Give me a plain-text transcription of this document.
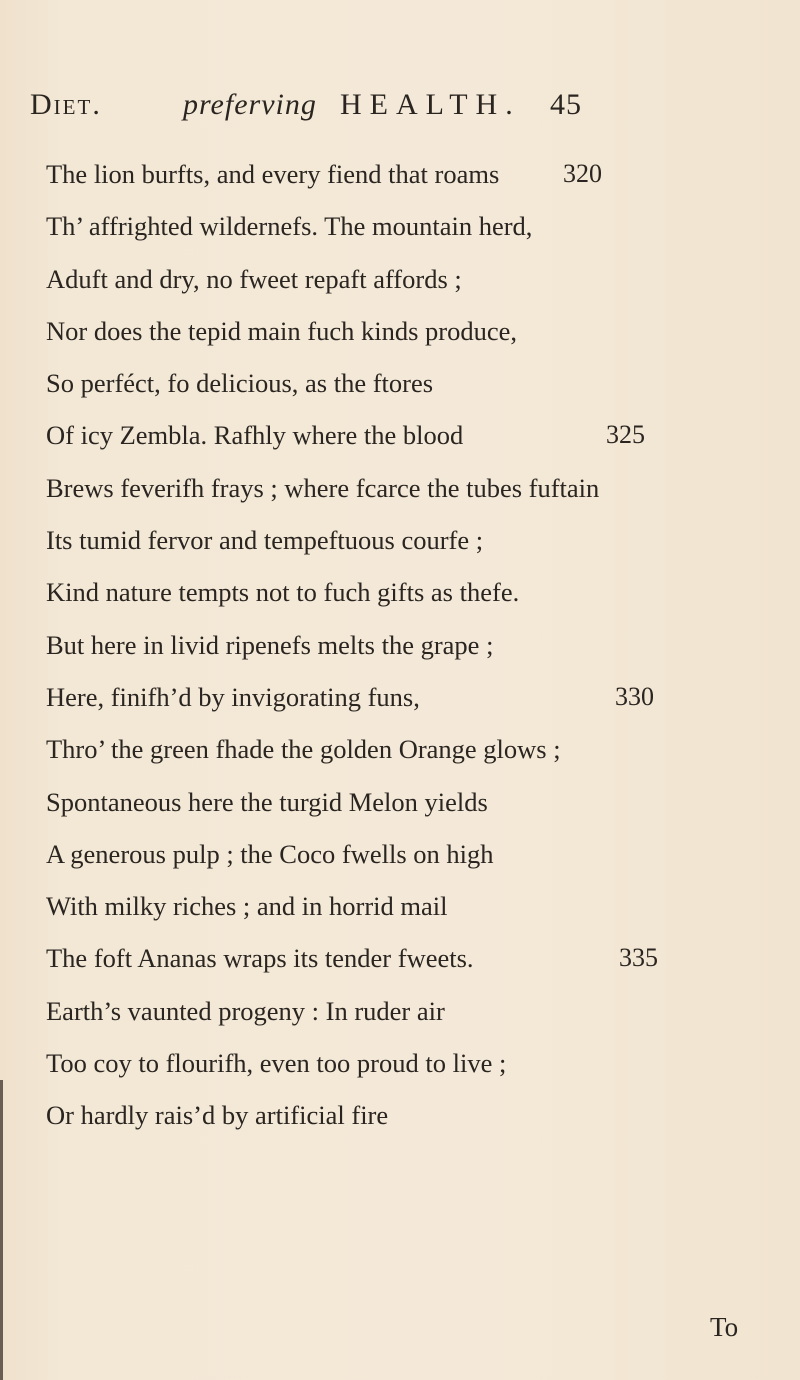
Diet.	preferving HEALTH. 45
The lion burfts, and every fiend that roams 320
Th’ affrighted wildernefs. The mountain herd,
Aduft and dry, no fweet repaft affords ;
Nor does the tepid main fuch kinds produce,
So perféct, fo delicious, as the ftores
Of icy Zembla. Rafhly where the blood	325
Brews feverifh frays ; where fcarce the tubes fuftain
Its tumid fervor and tempeftuous courfe ;
Kind nature tempts not to fuch gifts as thefe.
But here in livid ripenefs melts the grape ;
Here, finifh’d by invigorating funs,	330
Thro’ the green fhade the golden Orange glows ;
Spontaneous here the turgid Melon yields
A generous pulp ; the Coco fwells on high
With milky riches ; and in horrid mail
The foft Ananas wraps its tender fweets.	335
Earth’s vaunted progeny : In ruder air
Too coy to flourifh, even too proud to live ;
Or hardly rais’d by artificial fire
To
